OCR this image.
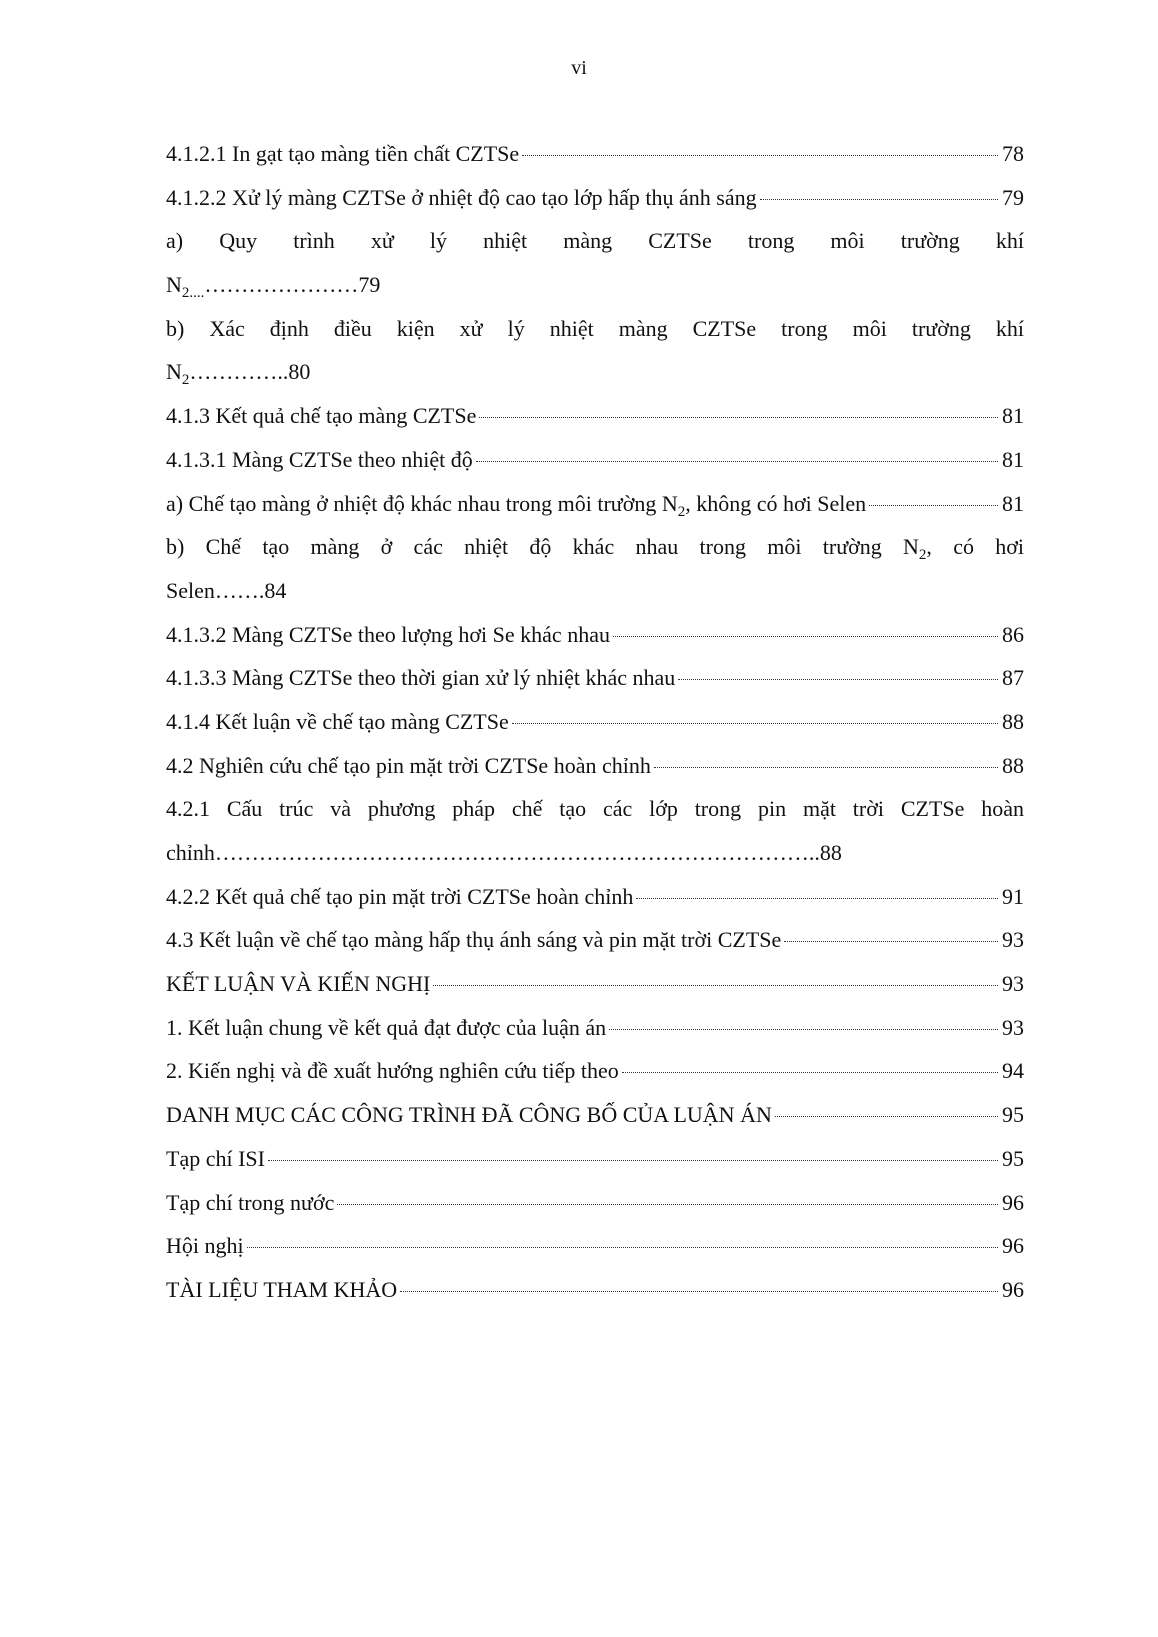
vi
4.1.2.1 In gạt tạo màng tiền chất CZTSe	78
4.1.2.2 Xử lý màng CZTSe ở nhiệt độ cao tạo lớp hấp thụ ánh sáng	79
a) Quy trình xử lý nhiệt màng CZTSe trong môi trường khí
$N_{2....}\dots\dots\dots\dots\dots\dots\dots 79$
b) Xác định điều kiện xử lý nhiệt màng CZTSe trong môi trường khí
$N_2\dots\dots\dots\dots..80$
4.1.3 Kết quả chế tạo màng CZTSe	81
4.1.3.1 Màng CZTSe theo nhiệt độ	81
a) Chế tạo màng ở nhiệt độ khác nhau trong môi trường $N_2$, không có hơi Selen	81
b) Chế tạo màng ở các nhiệt độ khác nhau trong môi trường $N_2$, có hơi
Selen…….84
4.1.3.2 Màng CZTSe theo lượng hơi Se khác nhau	86
4.1.3.3 Màng CZTSe theo thời gian xử lý nhiệt khác nhau	87
4.1.4 Kết luận về chế tạo màng CZTSe	88
4.2 Nghiên cứu chế tạo pin mặt trời CZTSe hoàn chỉnh	88
4.2.1 Cấu trúc và phương pháp chế tạo các lớp trong pin mặt trời CZTSe hoàn
chỉnh………………………………………………………………………..88
4.2.2 Kết quả chế tạo pin mặt trời CZTSe hoàn chỉnh	91
4.3 Kết luận về chế tạo màng hấp thụ ánh sáng và pin mặt trời CZTSe	93
KẾT LUẬN VÀ KIẾN NGHỊ	93
1. Kết luận chung về kết quả đạt được của luận án	93
2. Kiến nghị và đề xuất hướng nghiên cứu tiếp theo	94
DANH MỤC CÁC CÔNG TRÌNH ĐÃ CÔNG BỐ CỦA LUẬN ÁN	95
Tạp chí ISI	95
Tạp chí trong nước	96
Hội nghị	96
TÀI LIỆU THAM KHẢO	96
